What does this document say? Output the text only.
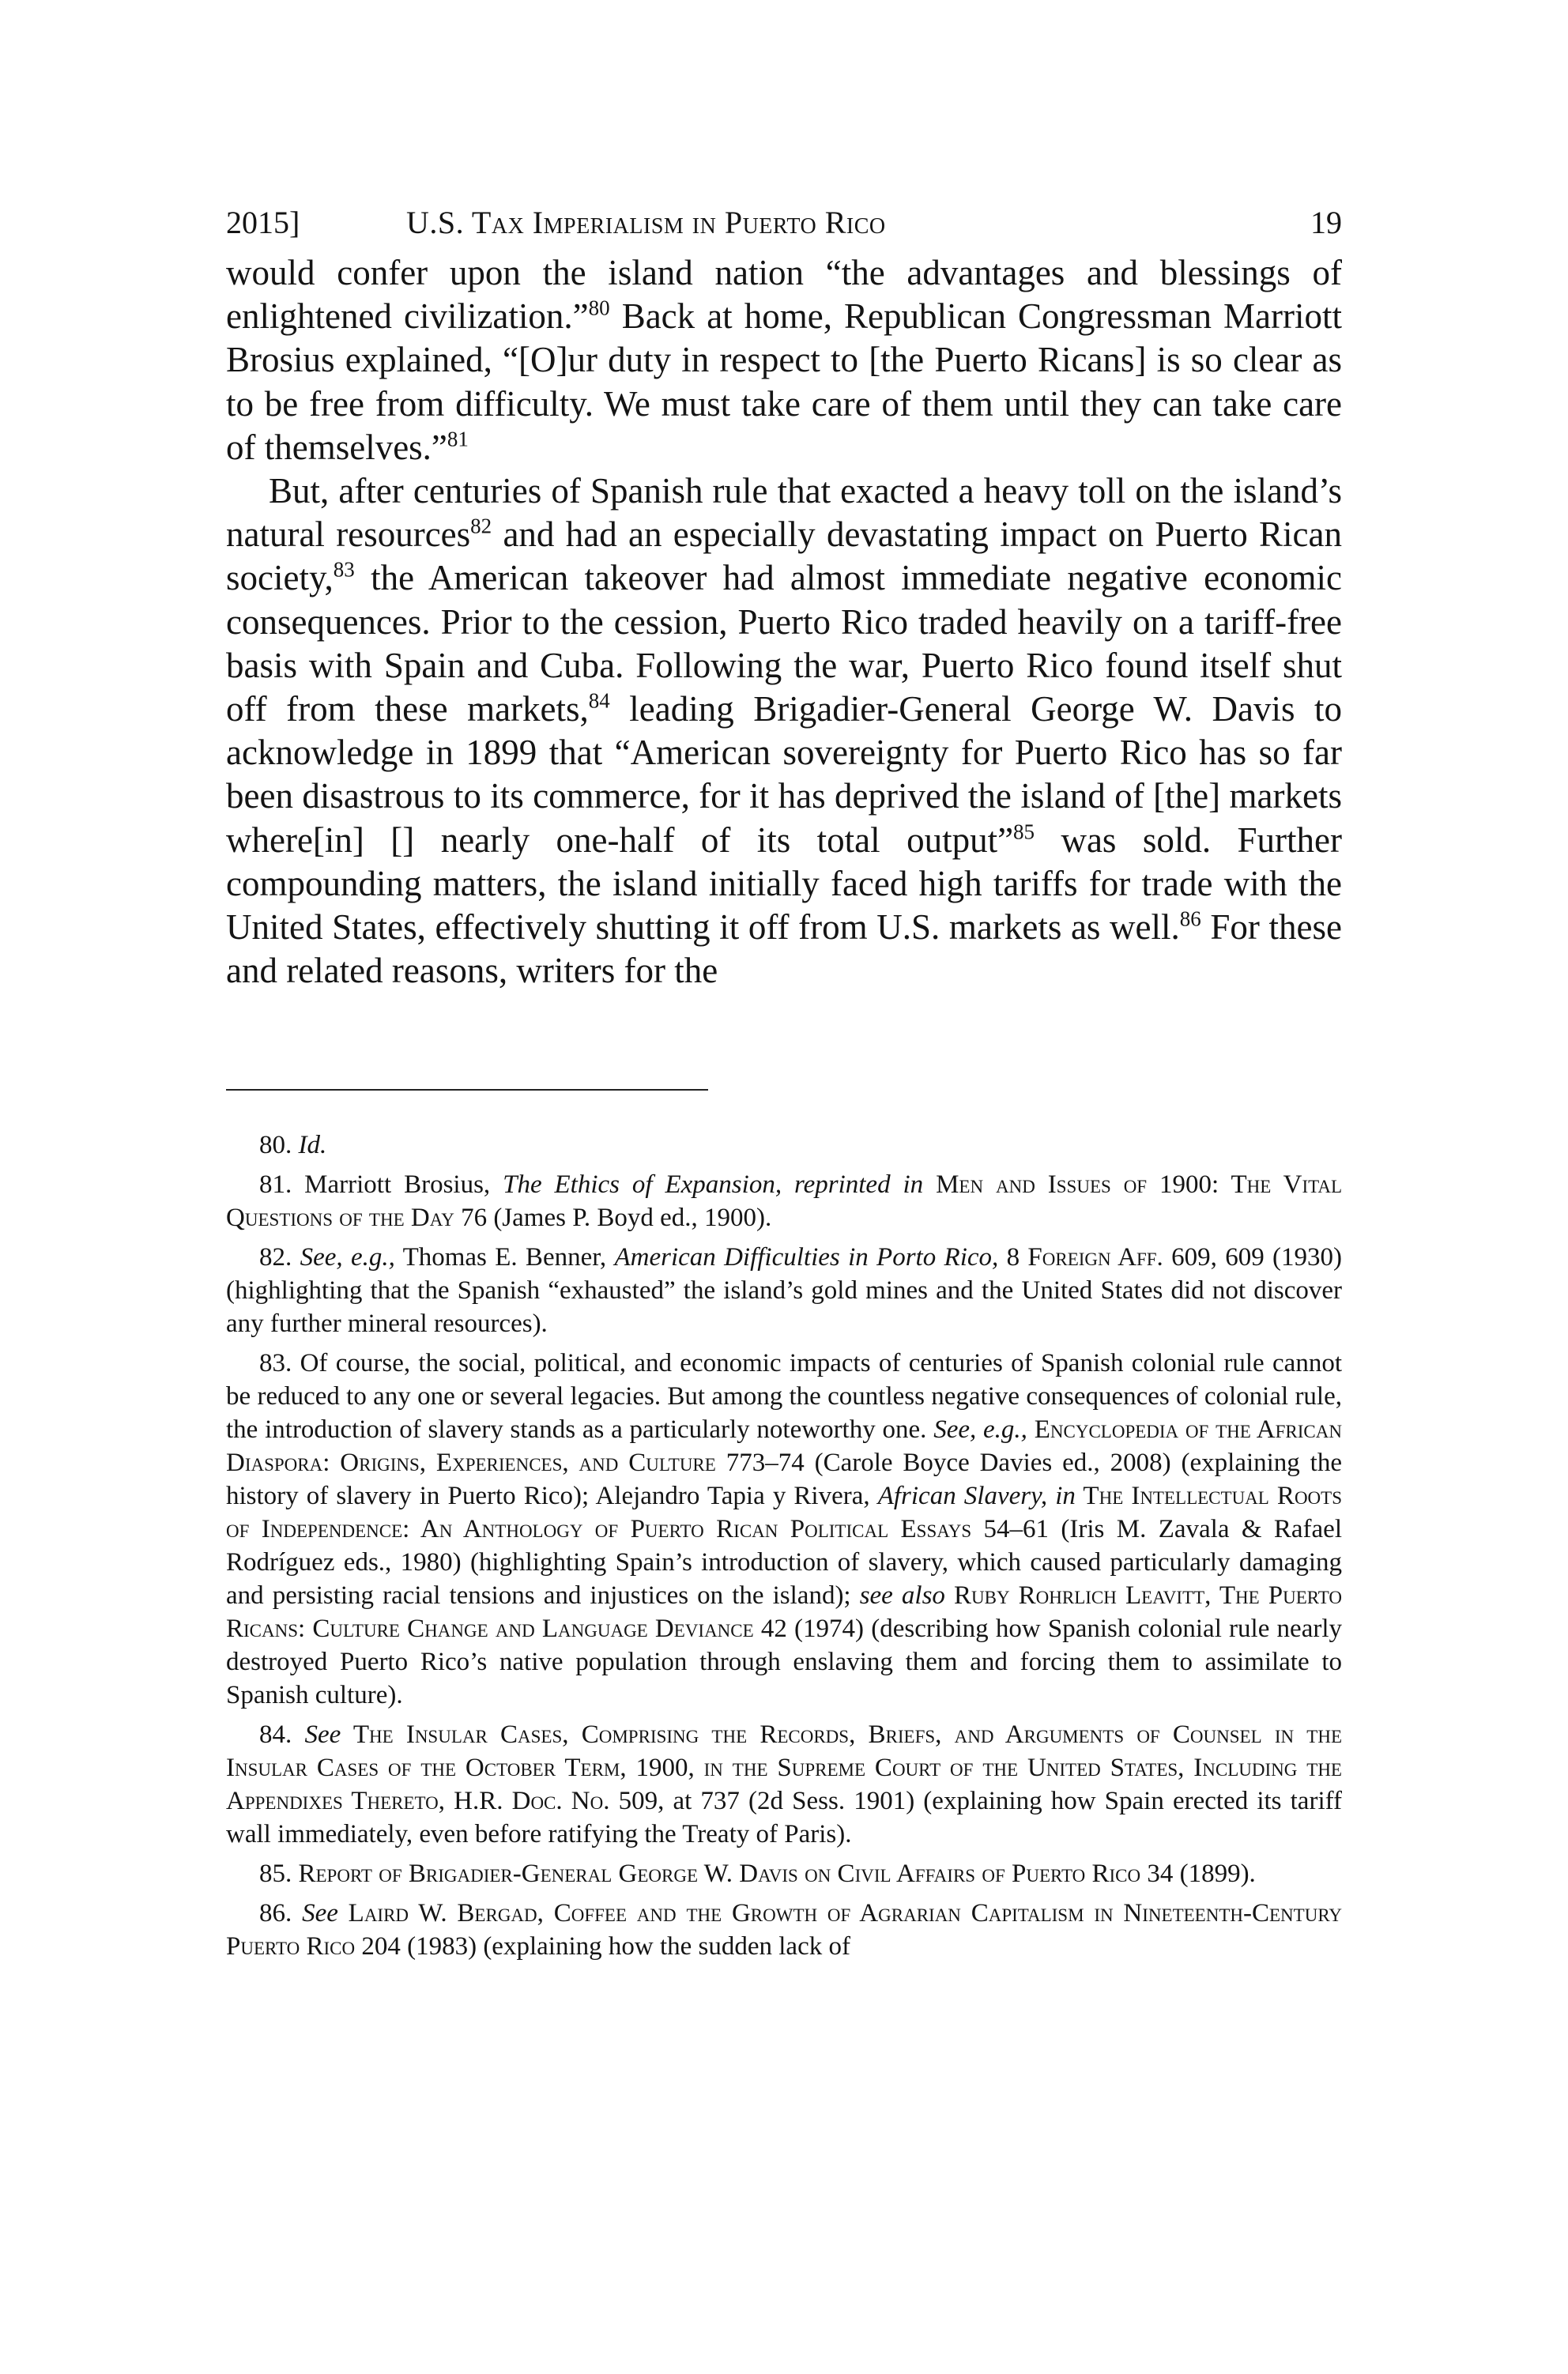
2015]	U.S. Tax Imperialism in Puerto Rico	19

would confer upon the island nation “the advantages and blessings of enlightened civilization.”$^{80}$ Back at home, Republican Congressman Marriott Brosius explained, “[O]ur duty in respect to [the Puerto Ricans] is so clear as to be free from difficulty. We must take care of them until they can take care of themselves.”$^{81}$

But, after centuries of Spanish rule that exacted a heavy toll on the island’s natural resources$^{82}$ and had an especially devastating impact on Puerto Rican society,$^{83}$ the American takeover had almost immediate negative economic consequences. Prior to the cession, Puerto Rico traded heavily on a tariff-free basis with Spain and Cuba. Following the war, Puerto Rico found itself shut off from these markets,$^{84}$ leading Brigadier-General George W. Davis to acknowledge in 1899 that “American sovereignty for Puerto Rico has so far been disastrous to its commerce, for it has deprived the island of [the] markets where[in] [] nearly one-half of its total output”$^{85}$ was sold. Further compounding matters, the island initially faced high tariffs for trade with the United States, effectively shutting it off from U.S. markets as well.$^{86}$ For these and related reasons, writers for the

80. Id.

81. Marriott Brosius, The Ethics of Expansion, reprinted in Men and Issues of 1900: The Vital Questions of the Day 76 (James P. Boyd ed., 1900).

82. See, e.g., Thomas E. Benner, American Difficulties in Porto Rico, 8 Foreign Aff. 609, 609 (1930) (highlighting that the Spanish “exhausted” the island’s gold mines and the United States did not discover any further mineral resources).

83. Of course, the social, political, and economic impacts of centuries of Spanish colonial rule cannot be reduced to any one or several legacies. But among the countless negative consequences of colonial rule, the introduction of slavery stands as a particularly noteworthy one. See, e.g., Encyclopedia of the African Diaspora: Origins, Experiences, and Culture 773–74 (Carole Boyce Davies ed., 2008) (explaining the history of slavery in Puerto Rico); Alejandro Tapia y Rivera, African Slavery, in The Intellectual Roots of Independence: An Anthology of Puerto Rican Political Essays 54–61 (Iris M. Zavala & Rafael Rodríguez eds., 1980) (highlighting Spain’s introduction of slavery, which caused particularly damaging and persisting racial tensions and injustices on the island); see also Ruby Rohrlich Leavitt, The Puerto Ricans: Culture Change and Language Deviance 42 (1974) (describing how Spanish colonial rule nearly destroyed Puerto Rico’s native population through enslaving them and forcing them to assimilate to Spanish culture).

84. See The Insular Cases, Comprising the Records, Briefs, and Arguments of Counsel in the Insular Cases of the October Term, 1900, in the Supreme Court of the United States, Including the Appendixes Thereto, H.R. Doc. No. 509, at 737 (2d Sess. 1901) (explaining how Spain erected its tariff wall immediately, even before ratifying the Treaty of Paris).

85. Report of Brigadier-General George W. Davis on Civil Affairs of Puerto Rico 34 (1899).

86. See Laird W. Bergad, Coffee and the Growth of Agrarian Capitalism in Nineteenth-Century Puerto Rico 204 (1983) (explaining how the sudden lack of
